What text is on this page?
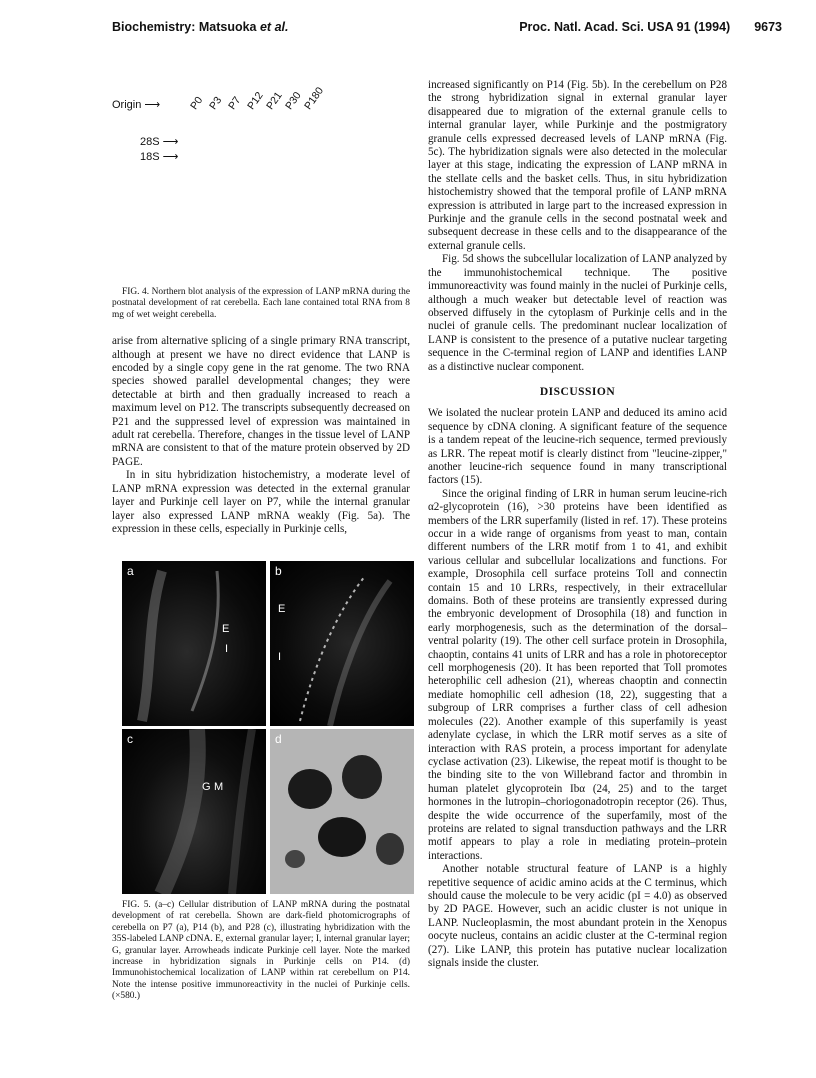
Biochemistry: Matsuoka et al.	Proc. Natl. Acad. Sci. USA 91 (1994) 9673
P0 P3 P7 P12
P21
P30
P180
Origin ⟶
28S ⟶
18S ⟶

FIG. 4. Northern blot analysis of the expression of LANP mRNA during the postnatal development of rat cerebella. Each lane contained total RNA from 8 mg of wet weight cerebella.

arise from alternative splicing of a single primary RNA transcript, although at present we have no direct evidence that LANP is encoded by a single copy gene in the rat genome. The two RNA species showed parallel developmental changes; they were detectable at birth and then gradually increased to reach a maximum level on P12. The transcripts subsequently decreased on P21 and the suppressed level of expression was maintained in adult rat cerebella. Therefore, changes in the tissue level of LANP mRNA are consistent to that of the mature protein observed by 2D PAGE.

In in situ hybridization histochemistry, a moderate level of LANP mRNA expression was detected in the external granular layer and Purkinje cell layer on P7, while the internal granular layer also expressed LANP mRNA weakly (Fig. 5a). The expression in these cells, especially in Purkinje cells,

a
E
I
b
E
I
c
G M
d

FIG. 5. (a–c) Cellular distribution of LANP mRNA during the postnatal development of rat cerebella. Shown are dark-field photomicrographs of cerebella on P7 (a), P14 (b), and P28 (c), illustrating hybridization with the 35S-labeled LANP cDNA. E, external granular layer; I, internal granular layer; G, granular layer. Arrowheads indicate Purkinje cell layer. Note the marked increase in hybridization signals in Purkinje cells on P14. (d) Immunohistochemical localization of LANP within rat cerebellum on P14. Note the intense positive immunoreactivity in the nuclei of Purkinje cells. (×580.)

increased significantly on P14 (Fig. 5b). In the cerebellum on P28 the strong hybridization signal in external granular layer disappeared due to migration of the external granule cells to internal granular layer, while Purkinje and the postmigratory granule cells expressed decreased levels of LANP mRNA (Fig. 5c). The hybridization signals were also detected in the molecular layer at this stage, indicating the expression of LANP mRNA in the stellate cells and the basket cells. Thus, in situ hybridization histochemistry showed that the temporal profile of LANP mRNA expression is attributed in large part to the increased expression in Purkinje and the granule cells in the second postnatal week and subsequent decrease in these cells and to the disappearance of the external granule cells.

Fig. 5d shows the subcellular localization of LANP analyzed by the immunohistochemical technique. The positive immunoreactivity was found mainly in the nuclei of Purkinje cells, although a much weaker but detectable level of reaction was observed diffusely in the cytoplasm of Purkinje cells and in the nuclei of granule cells. The predominant nuclear localization of LANP is consistent to the presence of a putative nuclear targeting sequence in the C-terminal region of LANP and identifies LANP as a distinctive nuclear component.

DISCUSSION

We isolated the nuclear protein LANP and deduced its amino acid sequence by cDNA cloning. A significant feature of the sequence is a tandem repeat of the leucine-rich sequence, termed previously as LRR. The repeat motif is clearly distinct from "leucine-zipper," another leucine-rich sequence found in many transcriptional factors (15).

Since the original finding of LRR in human serum leucine-rich α2-glycoprotein (16), >30 proteins have been identified as members of the LRR superfamily (listed in ref. 17). These proteins occur in a wide range of organisms from yeast to man, contain different numbers of the LRR motif from 1 to 41, and exhibit various cellular and subcellular localizations and functions. For example, Drosophila cell surface proteins Toll and connectin contain 15 and 10 LRRs, respectively, in their extracellular domains. Both of these proteins are transiently expressed during the embryonic development of Drosophila (18) and function in early morphogenesis, such as the determination of the dorsal–ventral polarity (19). The other cell surface protein in Drosophila, chaoptin, contains 41 units of LRR and has a role in photoreceptor cell morphogenesis (20). It has been reported that Toll promotes heterophilic cell adhesion (21), whereas chaoptin and connectin mediate homophilic cell adhesion (18, 22), suggesting that a subgroup of LRR comprises a further class of cell adhesion molecules (22). Another example of this superfamily is yeast adenylate cyclase, in which the LRR motif serves as a site of interaction with RAS protein, a process important for adenylate cyclase activation (23). Likewise, the repeat motif is thought to be the binding site to the von Willebrand factor and thrombin in human platelet glycoprotein Ibα (24, 25) and to the target hormones in the lutropin–choriogonadotropin receptor (26). Thus, despite the wide occurrence of the superfamily, most of the proteins are related to signal transduction pathways and the LRR motif appears to play a role in mediating protein–protein interactions.

Another notable structural feature of LANP is a highly repetitive sequence of acidic amino acids at the C terminus, which should cause the molecule to be very acidic (pI = 4.0) as observed by 2D PAGE. However, such an acidic cluster is not unique in LANP. Nucleoplasmin, the most abundant protein in the Xenopus oocyte nucleus, contains an acidic cluster at the C-terminal region (27). Like LANP, this protein has putative nuclear localization signals inside the cluster.
